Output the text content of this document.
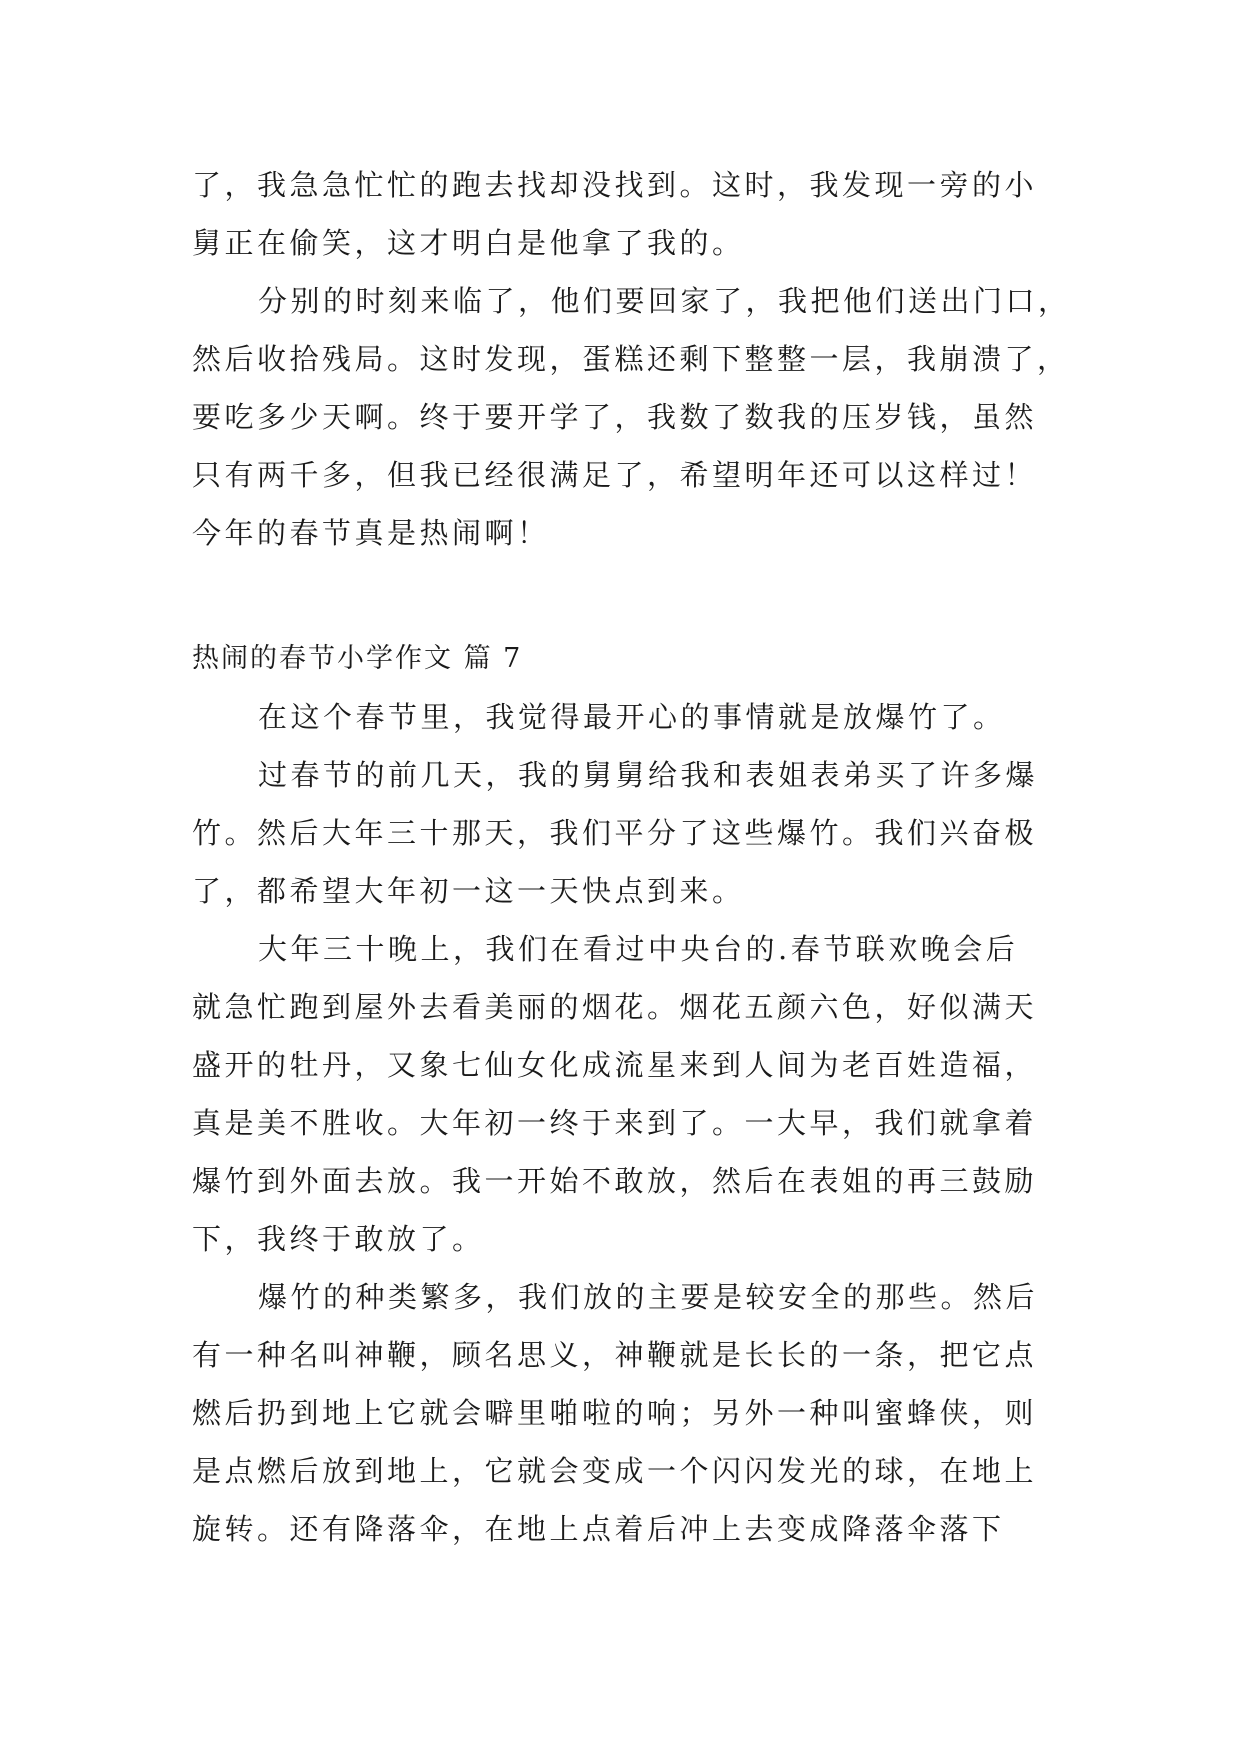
了，我急急忙忙的跑去找却没找到。这时，我发现一旁的小
舅正在偷笑，这才明白是他拿了我的。
分别的时刻来临了，他们要回家了，我把他们送出门口，
然后收拾残局。这时发现，蛋糕还剩下整整一层，我崩溃了，
要吃多少天啊。终于要开学了，我数了数我的压岁钱，虽然
只有两千多，但我已经很满足了，希望明年还可以这样过！
今年的春节真是热闹啊！
热闹的春节小学作文 篇 7
在这个春节里，我觉得最开心的事情就是放爆竹了。
过春节的前几天，我的舅舅给我和表姐表弟买了许多爆
竹。然后大年三十那天，我们平分了这些爆竹。我们兴奋极
了，都希望大年初一这一天快点到来。
大年三十晚上，我们在看过中央台的.春节联欢晚会后
就急忙跑到屋外去看美丽的烟花。烟花五颜六色，好似满天
盛开的牡丹，又象七仙女化成流星来到人间为老百姓造福，
真是美不胜收。大年初一终于来到了。一大早，我们就拿着
爆竹到外面去放。我一开始不敢放，然后在表姐的再三鼓励
下，我终于敢放了。
爆竹的种类繁多，我们放的主要是较安全的那些。然后
有一种名叫神鞭，顾名思义，神鞭就是长长的一条，把它点
燃后扔到地上它就会噼里啪啦的响；另外一种叫蜜蜂侠，则
是点燃后放到地上，它就会变成一个闪闪发光的球，在地上
旋转。还有降落伞，在地上点着后冲上去变成降落伞落下
